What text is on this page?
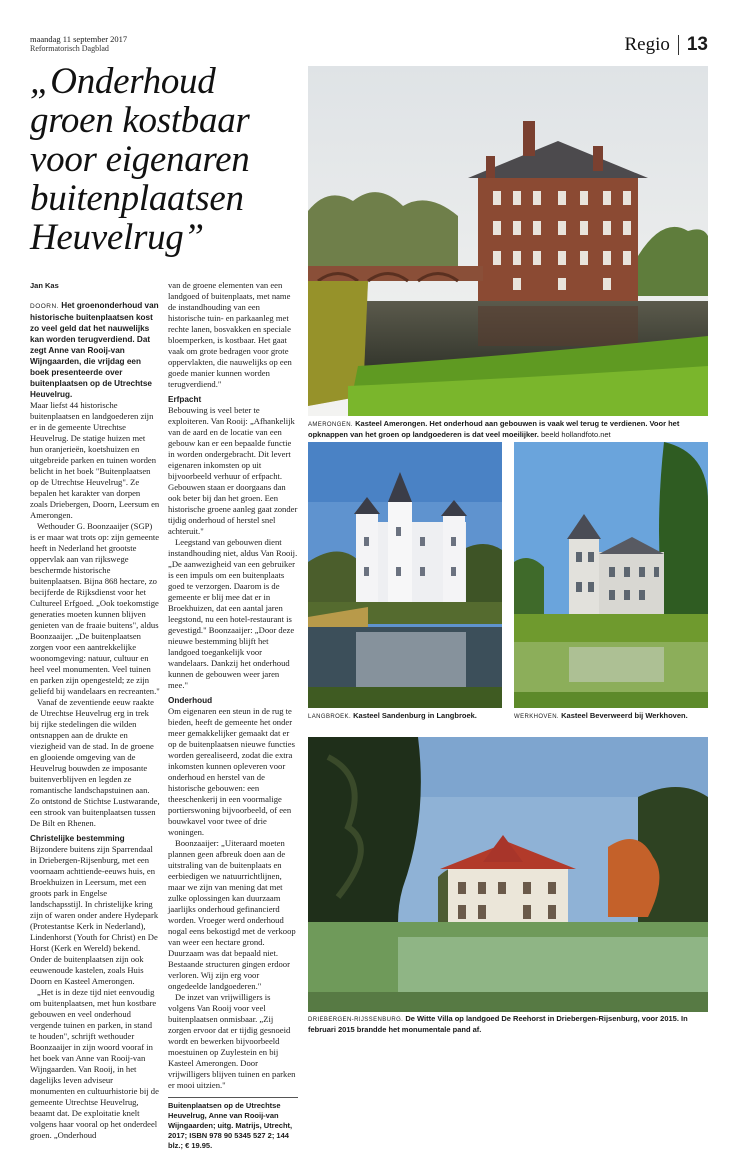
maandag 11 september 2017
Reformatorisch Dagblad	Regio 13
„Onderhoud groen kostbaar voor eigenaren buitenplaatsen Heuvelrug”
Jan Kas

DOORN. Het groenonderhoud van historische buitenplaatsen kost zo veel geld dat het nauwelijks kan worden terugverdiend. Dat zegt Anne van Rooij-van Wijngaarden, die vrijdag een boek presenteerde over buitenplaatsen op de Utrechtse Heuvelrug.

Maar liefst 44 historische buitenplaatsen en landgoederen zijn er in de gemeente Utrechtse Heuvelrug. De statige huizen met hun oranjerieën, koetshuizen en uitgebreide parken en tuinen worden belicht in het boek "Buitenplaatsen op de Utrechtse Heuvelrug". Ze bepalen het karakter van dorpen zoals Driebergen, Doorn, Leersum en Amerongen.

Wethouder G. Boonzaaijer (SGP) is er maar wat trots op: zijn gemeente heeft in Nederland het grootste oppervlak aan van rijkswege beschermde historische buitenplaatsen. Bijna 868 hectare, zo becijferde de Rijksdienst voor het Cultureel Erfgoed. „Ook toekomstige generaties moeten kunnen blijven genieten van de fraaie buitens", aldus Boonzaaijer. „De buitenplaatsen zorgen voor een aantrekkelijke woonomgeving: natuur, cultuur en heel veel monumenten. Veel tuinen en parken zijn opengesteld; ze zijn geliefd bij wandelaars en recreanten."

Vanaf de zeventiende eeuw raakte de Utrechtse Heuvelrug erg in trek bij rijke stedelingen die wilden ontsnappen aan de drukte en viezigheid van de stad. In de groene en glooiende omgeving van de Heuvelrug bouwden ze imposante buitenverblijven en legden ze romantische landschapstuinen aan. Zo ontstond de Stichtse Lustwarande, een strook van buitenplaatsen tussen De Bilt en Rhenen.

Christelijke bestemming

Bijzondere buitens zijn Sparrendaal in Driebergen-Rijsenburg, met een voornaam achttiende-eeuws huis, en Broekhuizen in Leersum, met een groots park in Engelse landschapsstijl. In christelijke kring zijn of waren onder andere Hydepark (Protestantse Kerk in Nederland), Lindenhorst (Youth for Christ) en De Horst (Kerk en Wereld) bekend. Onder de buitenplaatsen zijn ook eeuwenoude kastelen, zoals Huis Doorn en Kasteel Amerongen.

„Het is in deze tijd niet eenvoudig om buitenplaatsen, met hun kostbare gebouwen en veel onderhoud vergende tuinen en parken, in stand te houden", schrijft wethouder Boonzaaijer in zijn woord vooraf in het boek van Anne van Rooij-van Wijngaarden. Van Rooij, in het dagelijks leven adviseur monumenten en cultuurhistorie bij de gemeente Utrechtse Heuvelrug, beaamt dat. De exploitatie knelt volgens haar vooral op het onderdeel groen. „Onderhoud

van de groene elementen van een landgoed of buitenplaats, met name de instandhouding van een historische tuin- en parkaanleg met rechte lanen, bosvakken en speciale bloemperken, is kostbaar. Het gaat vaak om grote bedragen voor grote oppervlakten, die nauwelijks op een goede manier kunnen worden terugverdiend."

Erfpacht

Bebouwing is veel beter te exploiteren. Van Rooij: „Afhankelijk van de aard en de locatie van een gebouw kan er een bepaalde functie in worden ondergebracht. Dit levert eigenaren inkomsten op uit bijvoorbeeld verhuur of erfpacht. Gebouwen staan er doorgaans dan ook beter bij dan het groen. Een historische groene aanleg gaat zonder tijdig onderhoud of herstel snel achteruit."

Leegstand van gebouwen dient instandhouding niet, aldus Van Rooij. „De aanwezigheid van een gebruiker is een impuls om een buitenplaats goed te verzorgen. Daarom is de gemeente er blij mee dat er in Broekhuizen, dat een aantal jaren leegstond, nu een hotel-restaurant is gevestigd." Boonzaaijer: „Door deze nieuwe bestemming blijft het landgoed toegankelijk voor wandelaars. Dankzij het onderhoud kunnen de gebouwen weer jaren mee."

Onderhoud

Om eigenaren een steun in de rug te bieden, heeft de gemeente het onder meer gemakkelijker gemaakt dat er op de buitenplaatsen nieuwe functies worden gerealiseerd, zodat die extra inkomsten kunnen opleveren voor onderhoud en herstel van de historische gebouwen: een theeschenkerij in een voormalige portierswoning bijvoorbeeld, of een bouwkavel voor twee of drie woningen.

Boonzaaijer: „Uiteraard moeten plannen geen afbreuk doen aan de uitstraling van de buitenplaats en eerbiedigen we natuurrichtlijnen, maar we zijn van mening dat met zulke oplossingen kan duurzaam jaarlijks onderhoud gefinancierd worden. Vroeger werd onderhoud nogal eens bekostigd met de verkoop van weer een hectare grond. Duurzaam was dat bepaald niet. Bestaande structuren gingen erdoor verloren. Wij zijn erg voor ongedeelde landgoederen."

De inzet van vrijwilligers is volgens Van Rooij voor veel buitenplaatsen onmisbaar. „Zij zorgen ervoor dat er tijdig gesnoeid wordt en bewerken bijvoorbeeld moestuinen op Zuylestein en bij Kasteel Amerongen. Door vrijwilligers blijven tuinen en parken er mooi uitzien."

Buitenplaatsen op de Utrechtse Heuvelrug, Anne van Rooij-van Wijngaarden; uitg. Matrijs, Utrecht, 2017; ISBN 978 90 5345 527 2; 144 blz.; € 19.95.
AMERONGEN. Kasteel Amerongen. Het onderhoud aan gebouwen is vaak wel terug te verdienen. Voor het opknappen van het groen op landgoederen is dat veel moeilijker. beeld hollandfoto.net
LANGBROEK. Kasteel Sandenburg in Langbroek.	WERKHOVEN. Kasteel Beverweerd bij Werkhoven.
DRIEBERGEN-RIJSSENBURG. De Witte Villa op landgoed De Reehorst in Driebergen-Rijsenburg, voor 2015. In februari 2015 brandde het monumentale pand af.
